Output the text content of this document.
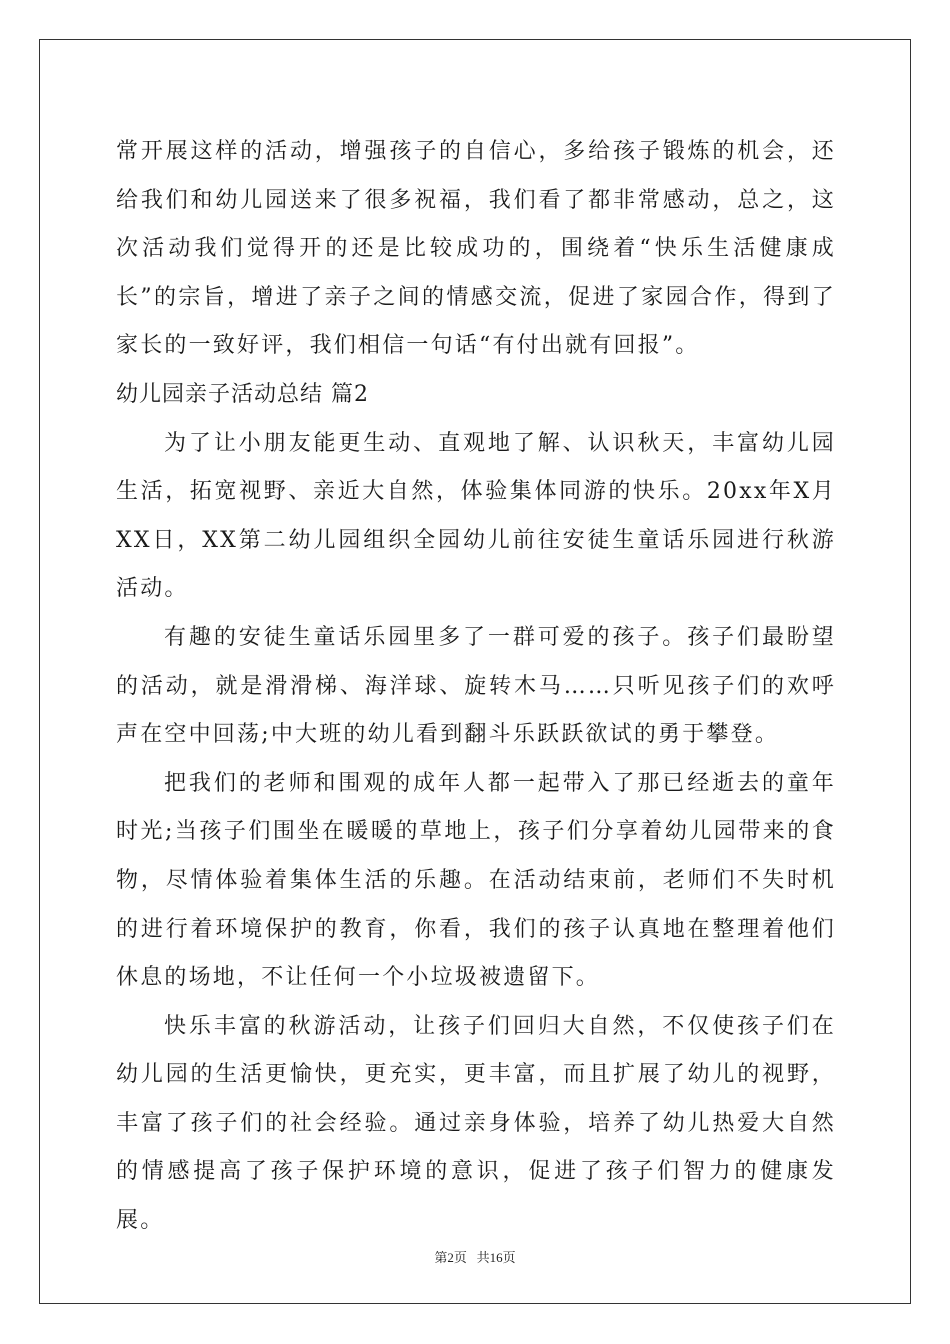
常开展这样的活动，增强孩子的自信心，多给孩子锻炼的机会，还给我们和幼儿园送来了很多祝福，我们看了都非常感动，总之，这次活动我们觉得开的还是比较成功的，围绕着“快乐生活健康成长”的宗旨，增进了亲子之间的情感交流，促进了家园合作，得到了家长的一致好评，我们相信一句话“有付出就有回报”。

幼儿园亲子活动总结 篇2

为了让小朋友能更生动、直观地了解、认识秋天，丰富幼儿园生活，拓宽视野、亲近大自然，体验集体同游的快乐。20xx年X月XX日，XX第二幼儿园组织全园幼儿前往安徒生童话乐园进行秋游活动。

有趣的安徒生童话乐园里多了一群可爱的孩子。孩子们最盼望的活动，就是滑滑梯、海洋球、旋转木马……只听见孩子们的欢呼声在空中回荡;中大班的幼儿看到翻斗乐跃跃欲试的勇于攀登。

把我们的老师和围观的成年人都一起带入了那已经逝去的童年时光;当孩子们围坐在暖暖的草地上，孩子们分享着幼儿园带来的食物，尽情体验着集体生活的乐趣。在活动结束前，老师们不失时机的进行着环境保护的教育，你看，我们的孩子认真地在整理着他们休息的场地，不让任何一个小垃圾被遗留下。

快乐丰富的秋游活动，让孩子们回归大自然，不仅使孩子们在幼儿园的生活更愉快，更充实，更丰富，而且扩展了幼儿的视野，丰富了孩子们的社会经验。通过亲身体验，培养了幼儿热爱大自然的情感提高了孩子保护环境的意识，促进了孩子们智力的健康发展。

第2页 共16页
